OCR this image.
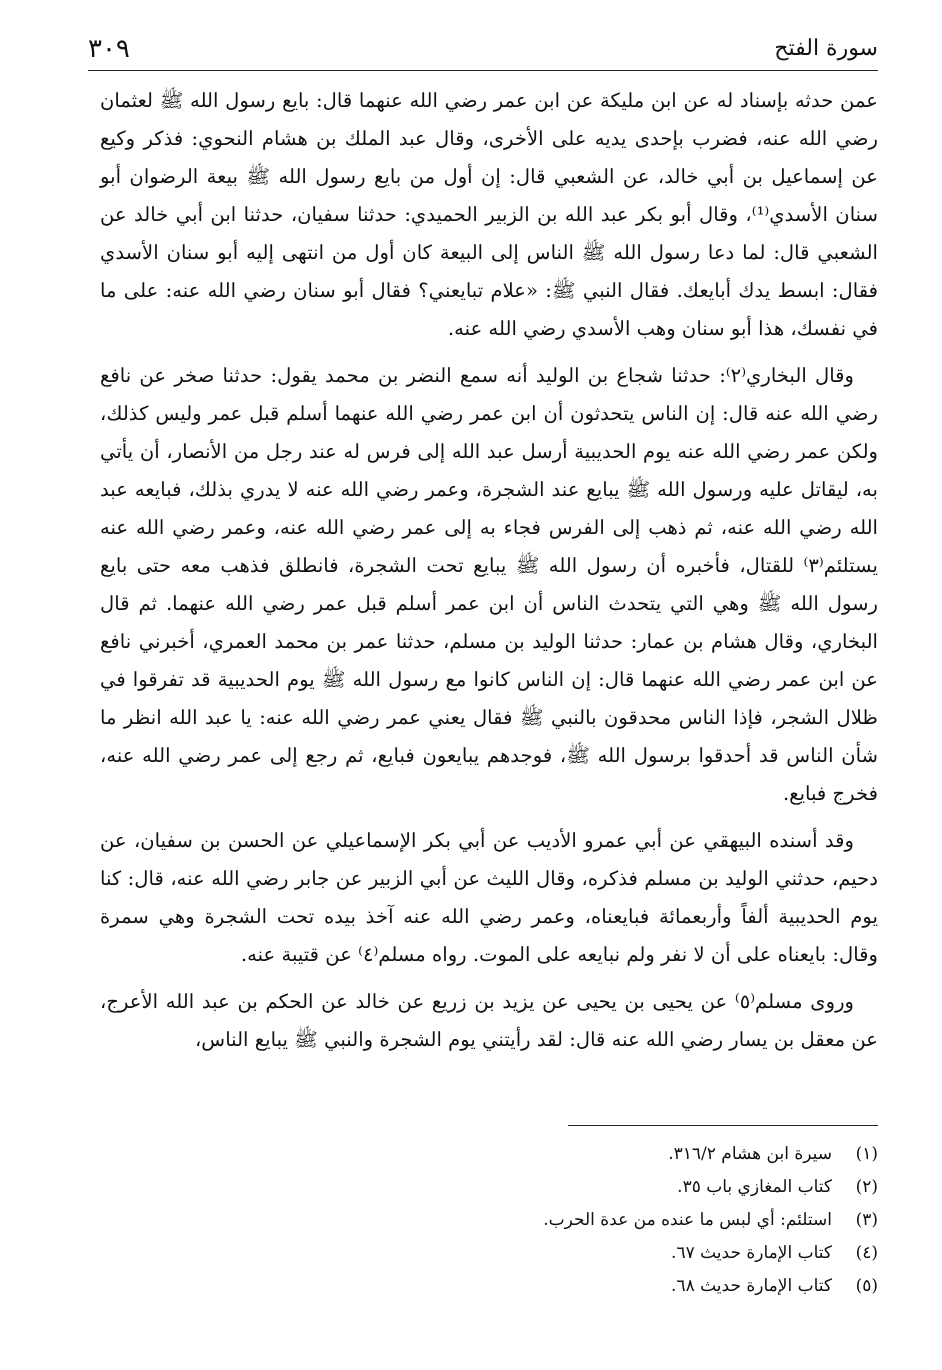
سورة الفتح
٣٠٩

عمن حدثه بإسناد له عن ابن مليكة عن ابن عمر رضي الله عنهما قال: بايع رسول الله ﷺ لعثمان رضي الله عنه، فضرب بإحدى يديه على الأخرى، وقال عبد الملك بن هشام النحوي: فذكر وكيع عن إسماعيل بن أبي خالد، عن الشعبي قال: إن أول من بايع رسول الله ﷺ بيعة الرضوان أبو سنان الأسدي⁽¹⁾، وقال أبو بكر عبد الله بن الزبير الحميدي: حدثنا سفيان، حدثنا ابن أبي خالد عن الشعبي قال: لما دعا رسول الله ﷺ الناس إلى البيعة كان أول من انتهى إليه أبو سنان الأسدي فقال: ابسط يدك أبايعك. فقال النبي ﷺ: «علام تبايعني؟ فقال أبو سنان رضي الله عنه: على ما في نفسك، هذا أبو سنان وهب الأسدي رضي الله عنه.

وقال البخاري⁽٢⁾: حدثنا شجاع بن الوليد أنه سمع النضر بن محمد يقول: حدثنا صخر عن نافع رضي الله عنه قال: إن الناس يتحدثون أن ابن عمر رضي الله عنهما أسلم قبل عمر وليس كذلك، ولكن عمر رضي الله عنه يوم الحديبية أرسل عبد الله إلى فرس له عند رجل من الأنصار، أن يأتي به، ليقاتل عليه ورسول الله ﷺ يبايع عند الشجرة، وعمر رضي الله عنه لا يدري بذلك، فبايعه عبد الله رضي الله عنه، ثم ذهب إلى الفرس فجاء به إلى عمر رضي الله عنه، وعمر رضي الله عنه يستلئم⁽٣⁾ للقتال، فأخبره أن رسول الله ﷺ يبايع تحت الشجرة، فانطلق فذهب معه حتى بايع رسول الله ﷺ وهي التي يتحدث الناس أن ابن عمر أسلم قبل عمر رضي الله عنهما. ثم قال البخاري، وقال هشام بن عمار: حدثنا الوليد بن مسلم، حدثنا عمر بن محمد العمري، أخبرني نافع عن ابن عمر رضي الله عنهما قال: إن الناس كانوا مع رسول الله ﷺ يوم الحديبية قد تفرقوا في ظلال الشجر، فإذا الناس محدقون بالنبي ﷺ فقال يعني عمر رضي الله عنه: يا عبد الله انظر ما شأن الناس قد أحدقوا برسول الله ﷺ، فوجدهم يبايعون فبايع، ثم رجع إلى عمر رضي الله عنه، فخرج فبايع.

وقد أسنده البيهقي عن أبي عمرو الأديب عن أبي بكر الإسماعيلي عن الحسن بن سفيان، عن دحيم، حدثني الوليد بن مسلم فذكره، وقال الليث عن أبي الزبير عن جابر رضي الله عنه، قال: كنا يوم الحديبية ألفاً وأربعمائة فبايعناه، وعمر رضي الله عنه آخذ بيده تحت الشجرة وهي سمرة وقال: بايعناه على أن لا نفر ولم نبايعه على الموت. رواه مسلم⁽٤⁾ عن قتيبة عنه.

وروى مسلم⁽٥⁾ عن يحيى بن يحيى عن يزيد بن زريع عن خالد عن الحكم بن عبد الله الأعرج، عن معقل بن يسار رضي الله عنه قال: لقد رأيتني يوم الشجرة والنبي ﷺ يبايع الناس،

(١)
سيرة ابن هشام ٣١٦/٢.
(٢)
كتاب المغازي باب ٣٥.
(٣)
استلئم: أي لبس ما عنده من عدة الحرب.
(٤)
كتاب الإمارة حديث ٦٧.
(٥)
كتاب الإمارة حديث ٦٨.
